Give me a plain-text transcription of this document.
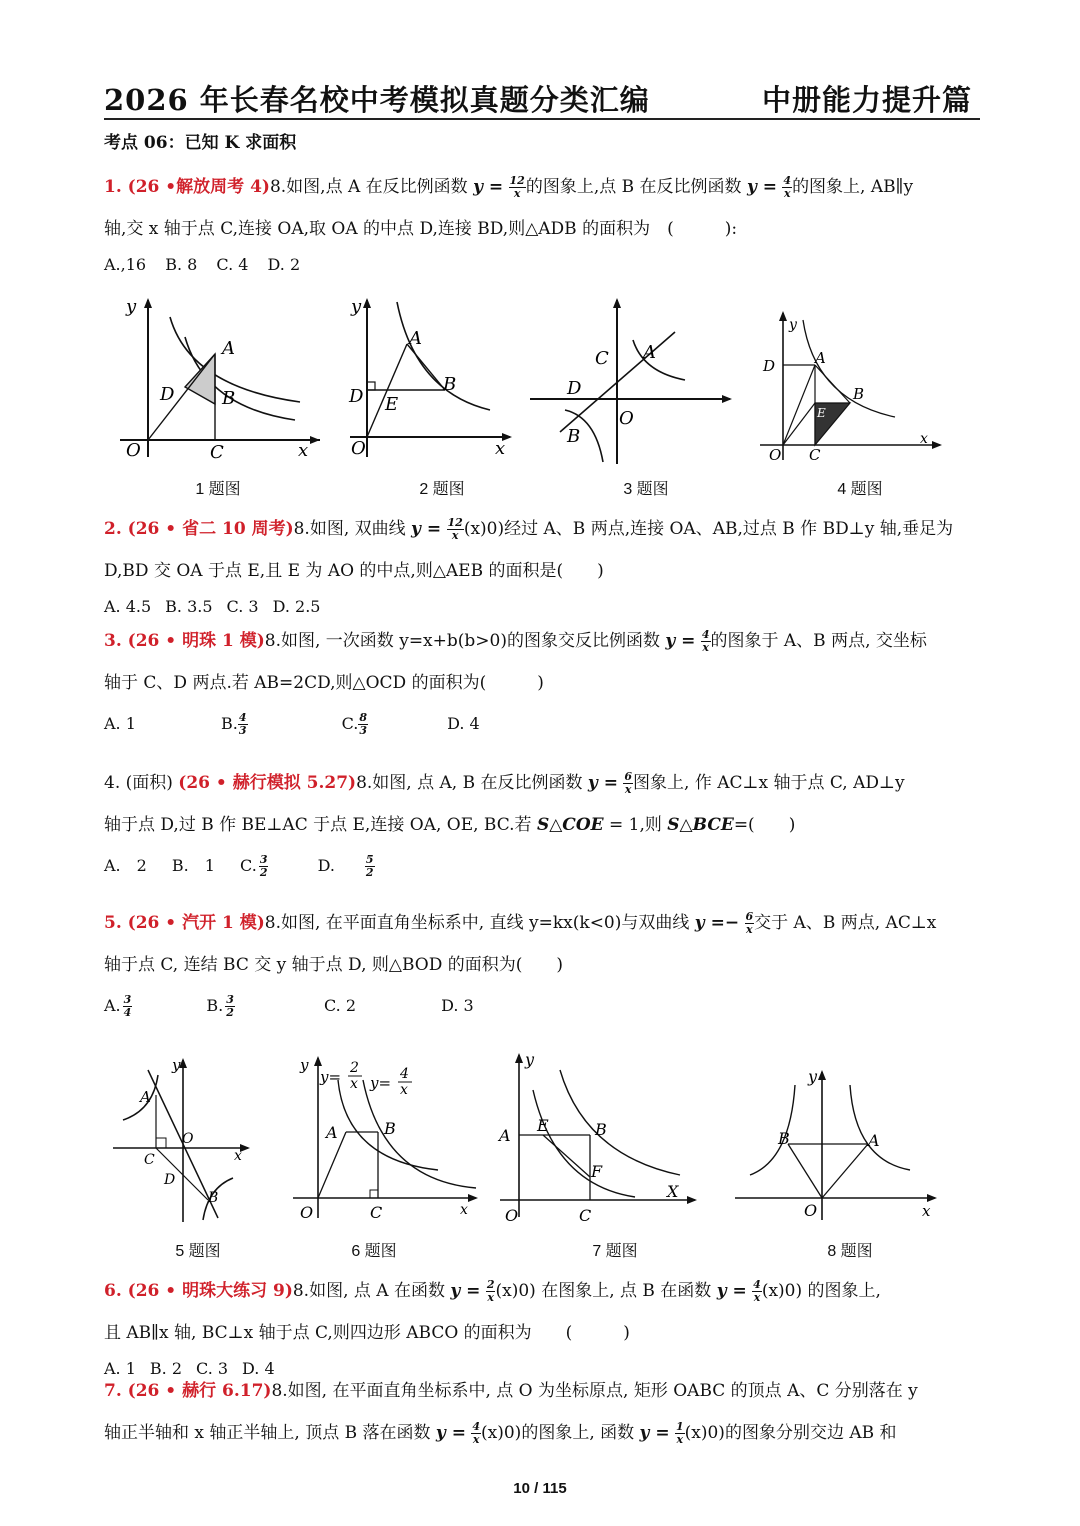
2026 年长春名校中考模拟真题分类汇编	中册能力提升篇
考点 06：已知 K 求面积

1. (26 •解放周考 4)8.如图,点 A 在反比例函数 $y = \frac{12}{x}$ 的图象上,点 B 在反比例函数 $y = \frac{4}{x}$ 的图象上, AB∥y

轴,交 x 轴于点 C,连接 OA,取 OA 的中点 D,连接 BD,则△ADB 的面积为　(　　　):

A.,16 B. 8 C. 4 D. 2
y
A
D	B
O	C	x
y
A
B
D E
O	x
C A
D
O
B
y
D	A
B
E
O C
x
1 题图	2 题图	3 题图	4 题图

2. (26 • 省二 10 周考)8.如图, 双曲线 $y = \frac{12}{x} (x)0$)经过 A、B 两点,连接 OA、AB,过点 B 作 BD⊥y 轴,垂足为

D,BD 交 OA 于点 E,且 E 为 AO 的中点,则△AEB 的面积是(　　)

A. 4.5 B. 3.5 C. 3 D. 2.5

3. (26 • 明珠 1 模)8.如图, 一次函数 y=x+b(b>0)的图象交反比例函数 $y = \frac{4}{x}$ 的图象于 A、B 两点, 交坐标

轴于 C、D 两点.若 AB=2CD,则△OCD 的面积为(　　　)

A. 1	B. $\frac{4}{3}$	C. $\frac{8}{3}$	D. 4

4. (面积) (26 • 赫行模拟 5.27)8.如图, 点 A, B 在反比例函数 $y = \frac{6}{x}$ 图象上, 作 AC⊥x 轴于点 C, AD⊥y

轴于点 D,过 B 作 BE⊥AC 于点 E,连接 OA, OE, BC.若 S△COE = 1,则 S△BCE=(　　)

A.　2 B.　1 C. $\frac{3}{2} D$.	$\frac{5}{2}$

5. (26 • 汽开 1 模)8.如图, 在平面直角坐标系中, 直线 y=kx(k<0)与双曲线 $y =- \frac{6}{x}$ 交于 A、B 两点, AC⊥x

轴于点 C, 连结 BC 交 y 轴于点 D, 则△BOD 的面积为(　　)

A. $\frac{3}{4}$	B. $\frac{3}{2}$	C. 2	D. 3
y
A
O
C
D
B
x
y
y= 2
x y= 4
x
A	B
O	C	x
y
A
E	B
F
O	C
X
y
B	A
O	x
5 题图	6 题图	7 题图	8 题图

6. (26 • 明珠大练习 9)8.如图, 点 A 在函数 $y = \frac{2}{x} (x)0$) 在图象上, 点 B 在函数 $y = \frac{4}{x} (x)0$) 的图象上,

且 AB∥x 轴, BC⊥x 轴于点 C,则四边形 ABCO 的面积为　　(　　　)

A. 1 B. 2 C. 3 D. 4

7. (26 • 赫行 6.17)8.如图, 在平面直角坐标系中, 点 O 为坐标原点, 矩形 OABC 的顶点 A、C 分别落在 y

轴正半轴和 x 轴正半轴上, 顶点 B 落在函数 $y = \frac{4}{x} (x)0$)的图象上, 函数 $y = \frac{1}{x} (x)0$)的图象分别交边 AB 和

10 / 115
